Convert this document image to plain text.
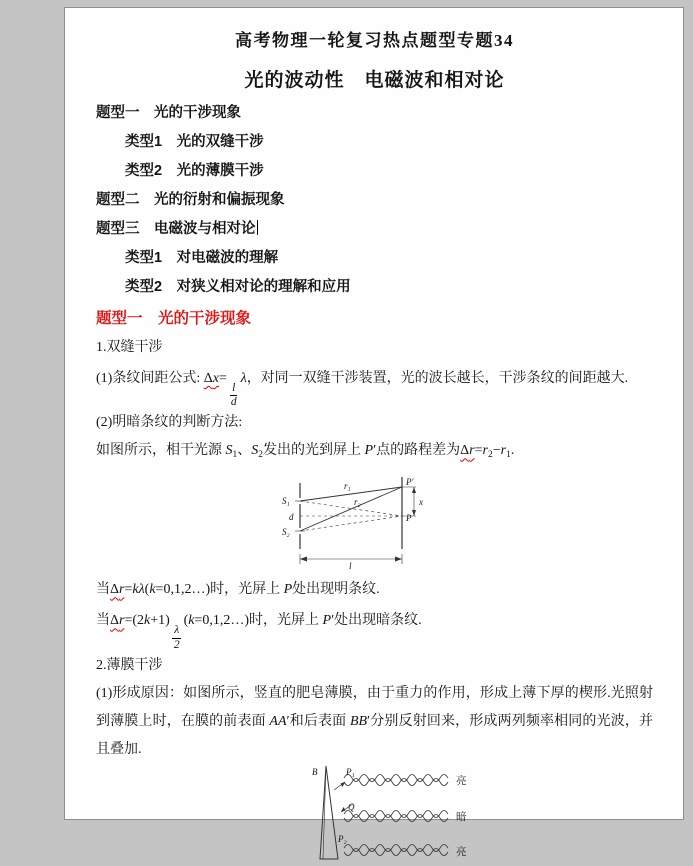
高考物理一轮复习热点题型专题34
光的波动性　电磁波和相对论
题型一　光的干涉现象
类型1　光的双缝干涉
类型2　光的薄膜干涉
题型二　光的衍射和偏振现象
题型三　电磁波与相对论
类型1　对电磁波的理解
类型2　对狭义相对论的理解和应用
题型一　光的干涉现象

1.双缝干涉

(1)条纹间距公式: Δx=
$\frac{l}{d}$
λ，对同一双缝干涉装置，光的波长越长，干涉条纹的间距越大.

(2)明暗条纹的判断方法:

如图所示，相干光源 $S_1$、$S_2$发出的光到屏上 P′点的路程差为$\Delta r=r_2-r_1$.

S₁
d
S₂
r₁
r₂
P′
P
x
l

当Δr=kλ(k=0,1,2…)时，光屏上 P处出现明条纹.

当Δr=(2k+1)
$\frac{\lambda}{2}$
(k=0,1,2…)时，光屏上 P′处出现暗条纹.

2.薄膜干涉

(1)形成原因：如图所示，竖直的肥皂薄膜，由于重力的作用，形成上薄下厚的楔形.光照射到薄膜上时，在膜的前表面 AA′和后表面 BB′分别反射回来，形成两列频率相同的光波，并且叠加.

B	P₁
Q
P₂
亮
暗
亮
